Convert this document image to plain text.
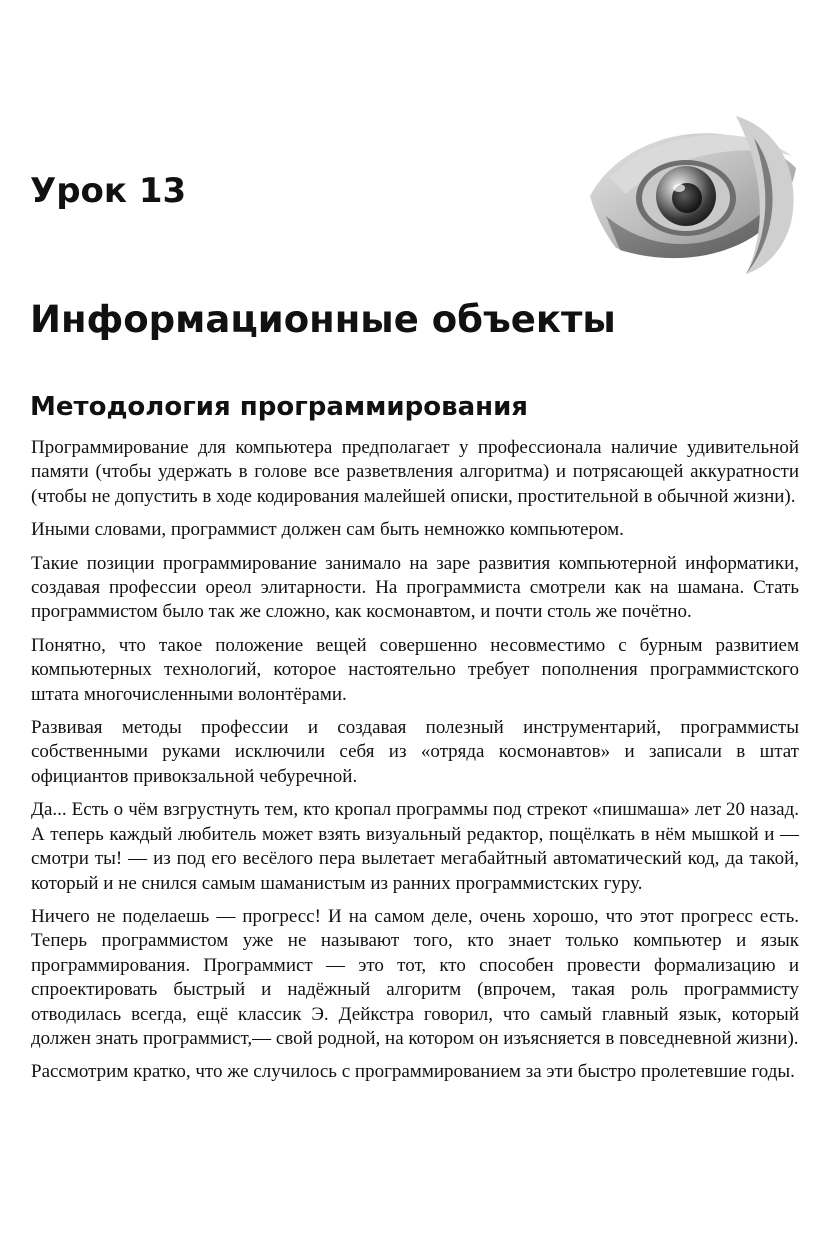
Урок 13
Информационные объекты
Методология программирования

Программирование для компьютера предполагает у профессионала наличие удивительной памяти (чтобы удержать в голове все разветвления алгоритма) и потрясающей аккуратности (чтобы не допустить в ходе кодирования малейшей описки, простительной в обычной жизни).

Иными словами, программист должен сам быть немножко компьютером.

Такие позиции программирование занимало на заре развития компьютерной информатики, создавая профессии ореол элитарности. На программиста смотрели как на шамана. Стать программистом было так же сложно, как космонавтом, и почти столь же почётно.

Понятно, что такое положение вещей совершенно несовместимо с бурным развитием компьютерных технологий, которое настоятельно требует пополнения программистского штата многочисленными волонтёрами.

Развивая методы профессии и создавая полезный инструментарий, программисты собственными руками исключили себя из «отряда космонавтов» и записали в штат официантов привокзальной чебуречной.

Да... Есть о чём взгрустнуть тем, кто кропал программы под стрекот «пишмаша» лет 20 назад. А теперь каждый любитель может взять визуальный редактор, пощёлкать в нём мышкой и — смотри ты! — из под его весёлого пера вылетает мегабайтный автоматический код, да такой, который и не снился самым шаманистым из ранних программистских гуру.

Ничего не поделаешь — прогресс! И на самом деле, очень хорошо, что этот прогресс есть. Теперь программистом уже не называют того, кто знает только компьютер и язык программирования. Программист — это тот, кто способен провести формализацию и спроектировать быстрый и надёжный алгоритм (впрочем, такая роль программисту отводилась всегда, ещё классик Э. Дейкстра говорил, что самый главный язык, который должен знать программист,— свой родной, на котором он изъясняется в повседневной жизни).

Рассмотрим кратко, что же случилось с программированием за эти быстро пролетевшие годы.
